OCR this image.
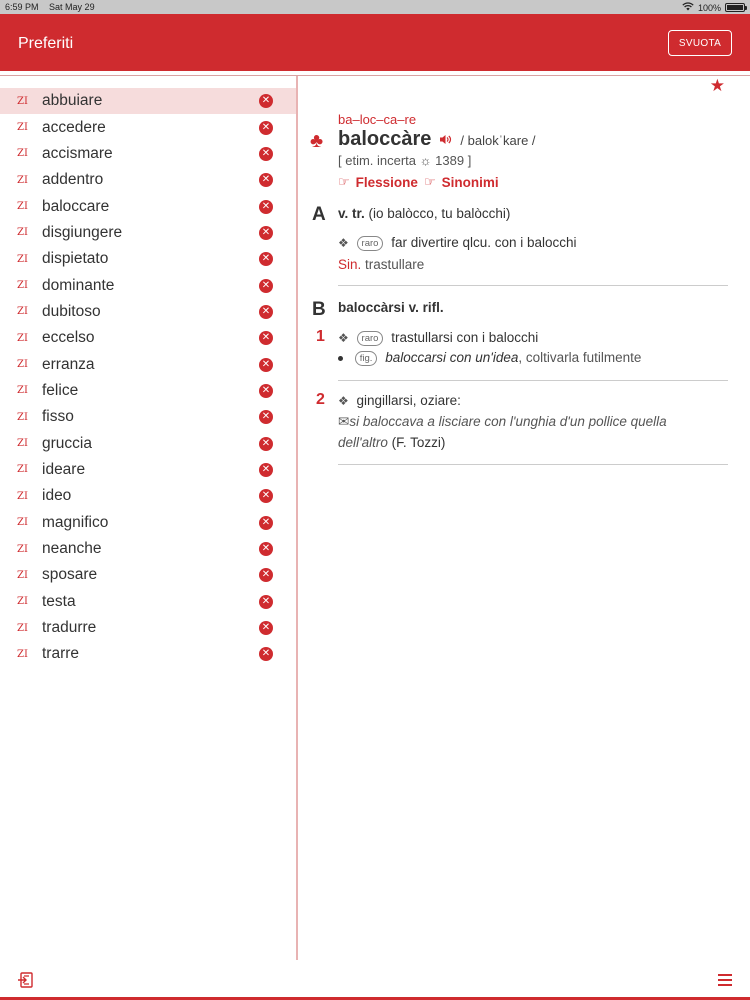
6:59 PM Sat May 29	100%
Preferiti	SVUOTA
ZI abbuiare	✕
ZI accedere	✕
ZI accismare	✕
ZI addentro	✕
ZI baloccare	✕
ZI disgiungere	✕
ZI dispietato	✕
ZI dominante	✕
ZI dubitoso	✕
ZI eccelso	✕
ZI erranza	✕
ZI felice	✕
ZI fisso	✕
ZI gruccia	✕
ZI ideare	✕
ZI ideo	✕
ZI magnifico	✕
ZI neanche	✕
ZI sposare	✕
ZI testa	✕
ZI tradurre	✕
ZI trarre	✕
★
ba–loc–ca–re
♣ baloccàre / balokˈkare /
[ etim. incerta ☼ 1389 ]
☞ Flessione ☞ Sinonimi
A v. tr. (io balòcco, tu balòcchi)
❖ raro far divertire qlcu. con i balocchi
Sin. trastullare
B baloccàrsi v. rifl.
1 ❖ raro trastullarsi con i balocchi
fig. baloccarsi con un'idea, coltivarla futilmente
2 ❖ gingillarsi, oziare:
✉si baloccava a lisciare con l'unghia d'un pollice quella
dell'altro (F. Tozzi)
